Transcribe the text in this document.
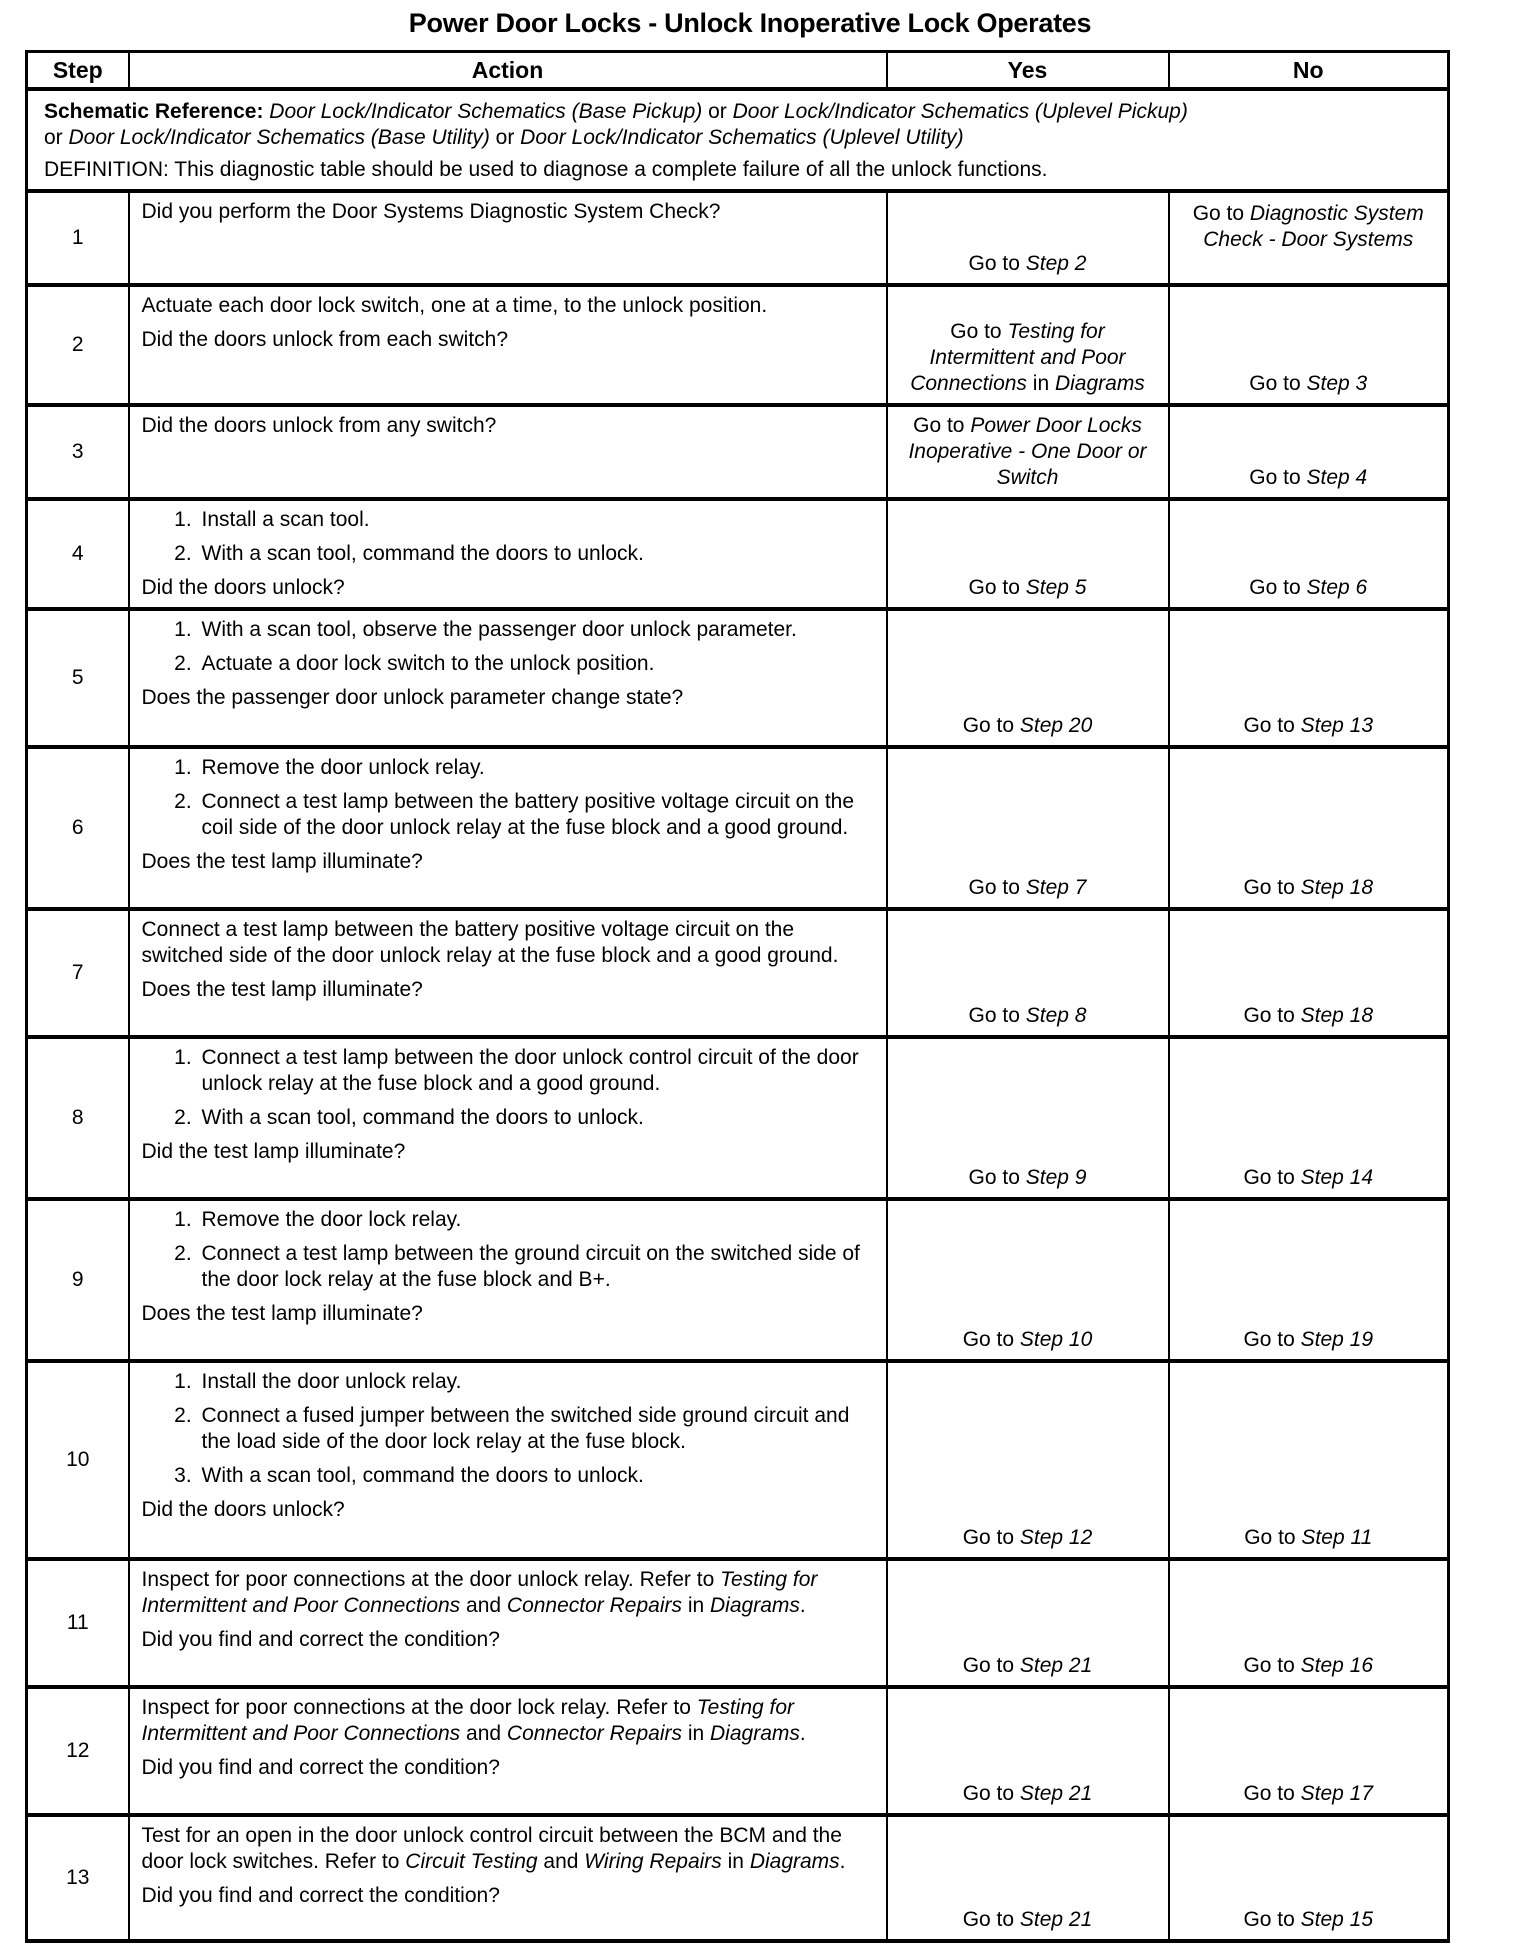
Power Door Locks - Unlock Inoperative Lock Operates
Step	Action	Yes	No

Schematic Reference: Door Lock/Indicator Schematics (Base Pickup) or Door Lock/Indicator Schematics (Uplevel Pickup)
or Door Lock/Indicator Schematics (Base Utility) or Door Lock/Indicator Schematics (Uplevel Utility)

DEFINITION: This diagnostic table should be used to diagnose a complete failure of all the unlock functions.			

1	Did you perform the Door Systems Diagnostic System Check?	Go to Step 2	Go to Diagnostic System Check - Door Systems
2	Actuate each door lock switch, one at a time, to the unlock position.

Did the doors unlock from each switch?	Go to Testing for Intermittent and Poor Connections in Diagrams	Go to Step 3
3	Did the doors unlock from any switch?	Go to Power Door Locks Inoperative - One Door or Switch	Go to Step 4
4	
1. Install a scan tool.
2. With a scan tool, command the doors to unlock.

Did the doors unlock?	Go to Step 5	Go to Step 6
5	
1. With a scan tool, observe the passenger door unlock parameter.
2. Actuate a door lock switch to the unlock position.

Does the passenger door unlock parameter change state?

	Go to Step 20	Go to Step 13
6	
1. Remove the door unlock relay.
2. Connect a test lamp between the battery positive voltage circuit on the coil side of the door unlock relay at the fuse block and a good ground.

Does the test lamp illuminate?

	Go to Step 7	Go to Step 18
7	Connect a test lamp between the battery positive voltage circuit on the switched side of the door unlock relay at the fuse block and a good ground.

Does the test lamp illuminate?	Go to Step 8	Go to Step 18
8	
1. Connect a test lamp between the door unlock control circuit of the door unlock relay at the fuse block and a good ground.
2. With a scan tool, command the doors to unlock.

Did the test lamp illuminate?

	Go to Step 9	Go to Step 14
9	
1. Remove the door lock relay.
2. Connect a test lamp between the ground circuit on the switched side of the door lock relay at the fuse block and B+.

Does the test lamp illuminate?

	Go to Step 10	Go to Step 19
10	
1. Install the door unlock relay.
2. Connect a fused jumper between the switched side ground circuit and the load side of the door lock relay at the fuse block.
3. With a scan tool, command the doors to unlock.

Did the doors unlock?

	Go to Step 12	Go to Step 11
11	Inspect for poor connections at the door unlock relay. Refer to Testing for Intermittent and Poor Connections and Connector Repairs in Diagrams.

Did you find and correct the condition?	Go to Step 21	Go to Step 16
12	Inspect for poor connections at the door lock relay. Refer to Testing for Intermittent and Poor Connections and Connector Repairs in Diagrams.

Did you find and correct the condition?	Go to Step 21	Go to Step 17
13	Test for an open in the door unlock control circuit between the BCM and the door lock switches. Refer to Circuit Testing and Wiring Repairs in Diagrams.

Did you find and correct the condition?	Go to Step 21	Go to Step 15
